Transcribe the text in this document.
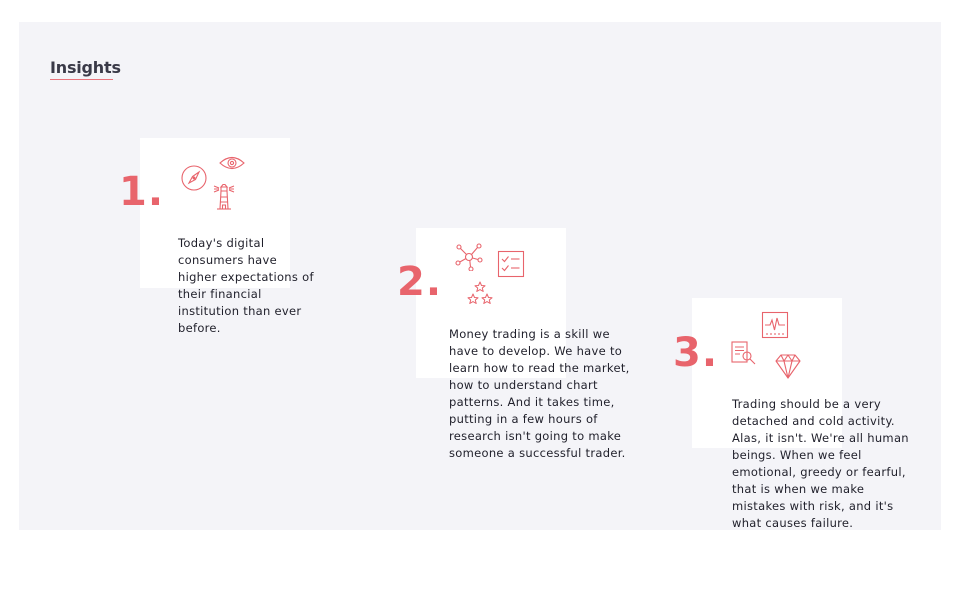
Insights
1.

Today's digital consumers have higher expectations of their financial institution than ever before.

2.

Money trading is a skill we have to develop. We have to learn how to read the market, how to understand chart patterns. And it takes time, putting in a few hours of research isn't going to make someone a successful trader.

3.

Trading should be a very detached and cold activity. Alas, it isn't. We're all human beings. When we feel emotional, greedy or fearful, that is when we make mistakes with risk, and it's what causes failure.
